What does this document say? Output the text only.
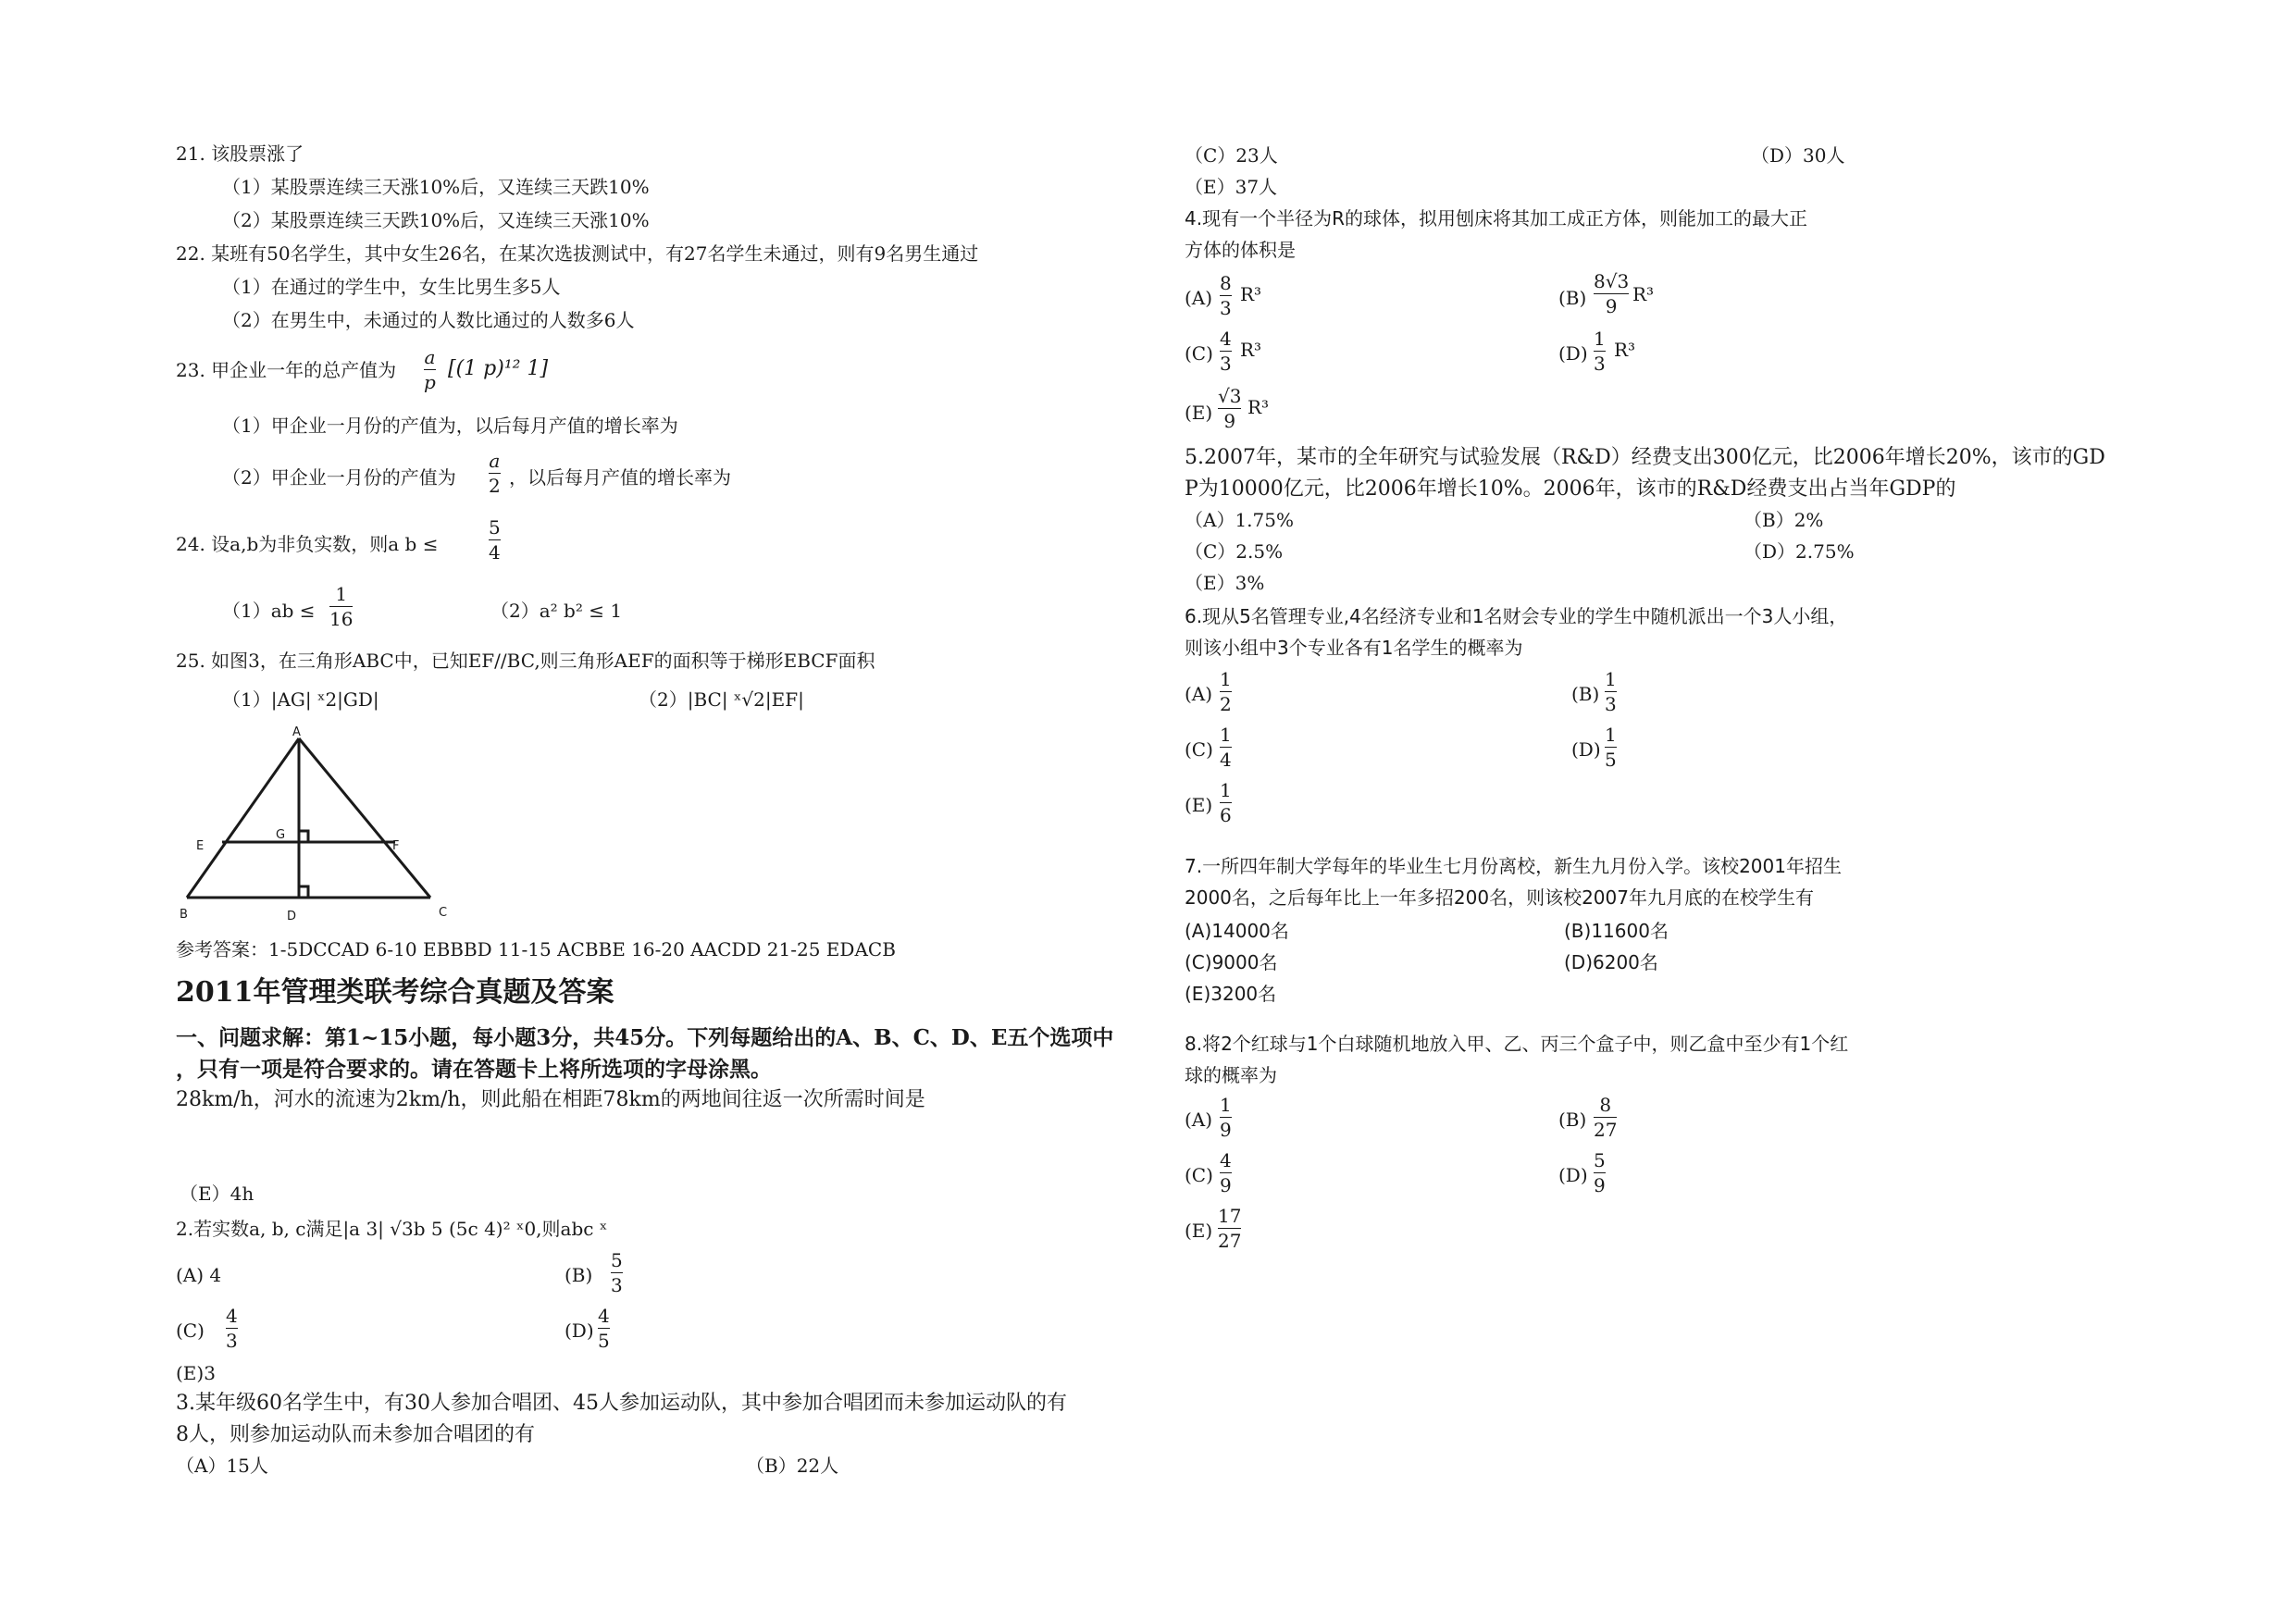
21. 该股票涨了
（1）某股票连续三天涨10%后，又连续三天跌10%
（2）某股票连续三天跌10%后，又连续三天涨10%
22. 某班有50名学生，其中女生26名，在某次选拔测试中，有27名学生未通过，则有9名男生通过
（1）在通过的学生中，女生比男生多5人
（2）在男生中，未通过的人数比通过的人数多6人
23. 甲企业一年的总产值为
a
p
[(1 p)¹² 1]
（1）甲企业一月份的产值为，以后每月产值的增长率为
（2）甲企业一月份的产值为
a
2 ，以后每月产值的增长率为
24. 设a,b为非负实数，则a b ≤
5
4
（1）ab ≤
1
16	（2）a² b² ≤ 1
25. 如图3，在三角形ABC中，已知EF//BC,则三角形AEF的面积等于梯形EBCF面积
（1）|AG| ˣ2|GD|	（2）|BC| ˣ√2|EF|
A
G
E	F
B	D	C
参考答案：1-5DCCAD 6-10 EBBBD 11-15 ACBBE 16-20 AACDD 21-25 EDACB
2011年管理类联考综合真题及答案
一、问题求解：第1~15小题，每小题3分，共45分。下列每题给出的A、B、C、D、E五个选项中
，只有一项是符合要求的。请在答题卡上将所选项的字母涂黑。
28km/h，河水的流速为2km/h，则此船在相距78km的两地间往返一次所需时间是
（E）4h
2.若实数a, b, c满足|a 3| √3b 5 (5c 4)² ˣ0,则abc ˣ
(A) 4	(B)
5
3
(C)
4
3	(D)
4
5
(E)3
3.某年级60名学生中，有30人参加合唱团、45人参加运动队，其中参加合唱团而未参加运动队的有
8人，则参加运动队而未参加合唱团的有
（A）15人	（B）22人
（C）23人	（D）30人
（E）37人
4.现有一个半径为R的球体，拟用刨床将其加工成正方体，则能加工的最大正
方体的体积是
(A)
8
3
R³	(B)
8√3
9
R³
(C)
4
3
R³	(D)
1
3
R³
(E)
√3
9
R³
5.2007年，某市的全年研究与试验发展（R&D）经费支出300亿元，比2006年增长20%，该市的GD
P为10000亿元，比2006年增长10%。2006年，该市的R&D经费支出占当年GDP的
（A）1.75%	（B）2%
（C）2.5%	（D）2.75%
（E）3%
6.现从5名管理专业,4名经济专业和1名财会专业的学生中随机派出一个3人小组，
则该小组中3个专业各有1名学生的概率为
(A)
1
2	(B)
1
3
(C)
1
4	(D)
1
5
(E)
1
6
7.一所四年制大学每年的毕业生七月份离校，新生九月份入学。该校2001年招生
2000名，之后每年比上一年多招200名，则该校2007年九月底的在校学生有
(A)14000名	(B)11600名
(C)9000名	(D)6200名
(E)3200名
8.将2个红球与1个白球随机地放入甲、乙、丙三个盒子中，则乙盒中至少有1个红
球的概率为
(A)
1
9	(B)
8
27
(C)
4
9	(D)
5
9
(E)
17
27
